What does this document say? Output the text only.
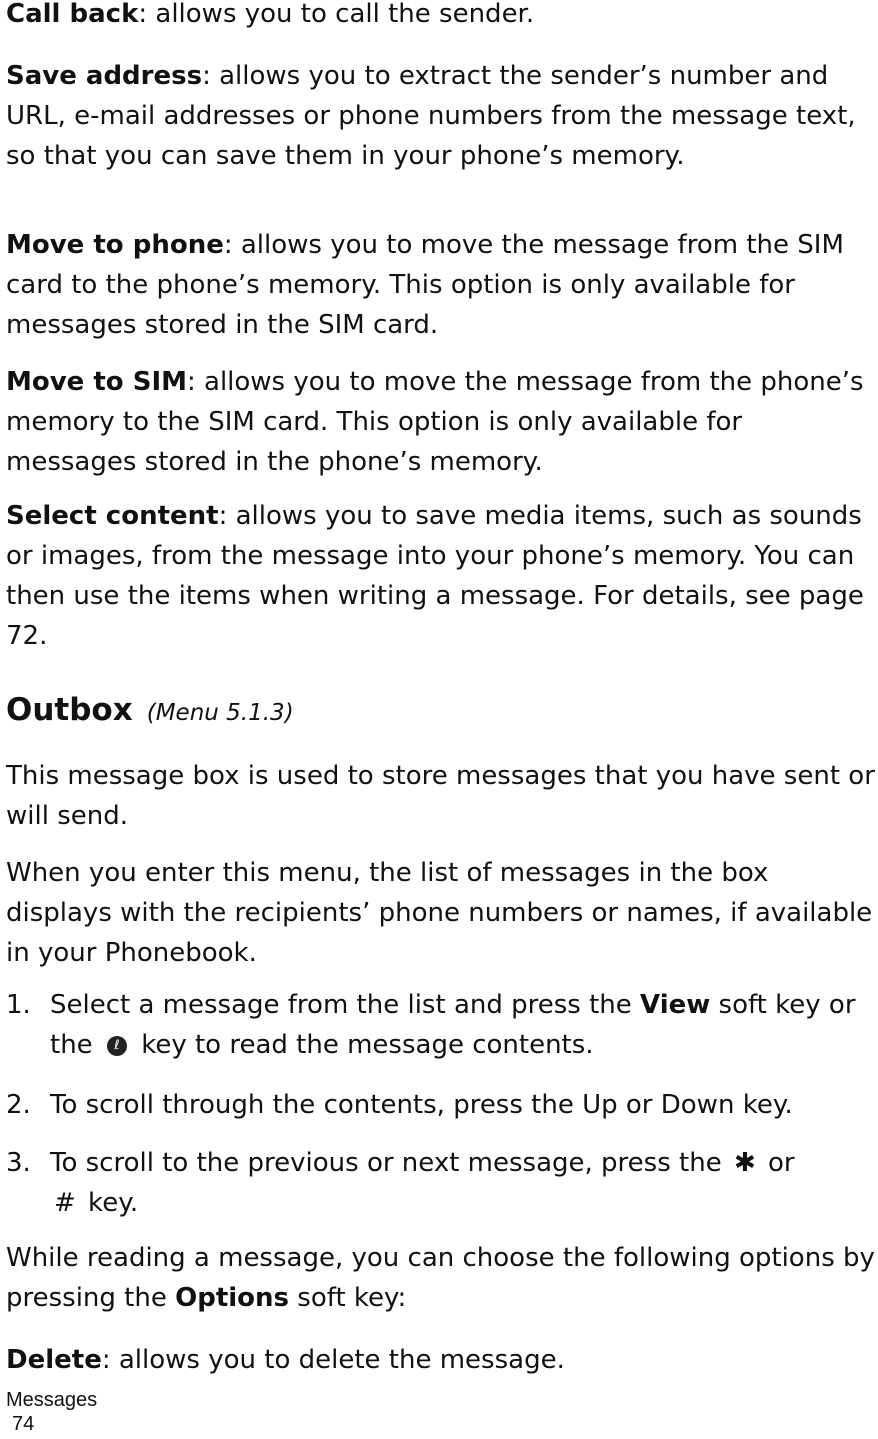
Call back: allows you to call the sender.

Save address: allows you to extract the sender’s number and URL, e-mail addresses or phone numbers from the message text, so that you can save them in your phone’s memory.

Move to phone: allows you to move the message from the SIM card to the phone’s memory. This option is only available for messages stored in the SIM card.

Move to SIM: allows you to move the message from the phone’s memory to the SIM card. This option is only available for messages stored in the phone’s memory.

Select content: allows you to save media items, such as sounds or images, from the message into your phone’s memory. You can then use the items when writing a message. For details, see page 72.

Outbox (Menu 5.1.3)

This message box is used to store messages that you have sent or will send.

When you enter this menu, the list of messages in the box displays with the recipients’ phone numbers or names, if available in your Phonebook.

1. Select a message from the list and press the View soft key or the ℓ key to read the message contents.
2. To scroll through the contents, press the Up or Down key.
3. To scroll to the previous or next message, press the ✱ or
# key.

While reading a message, you can choose the following options by pressing the Options soft key:

Delete: allows you to delete the message.

Messages
74
